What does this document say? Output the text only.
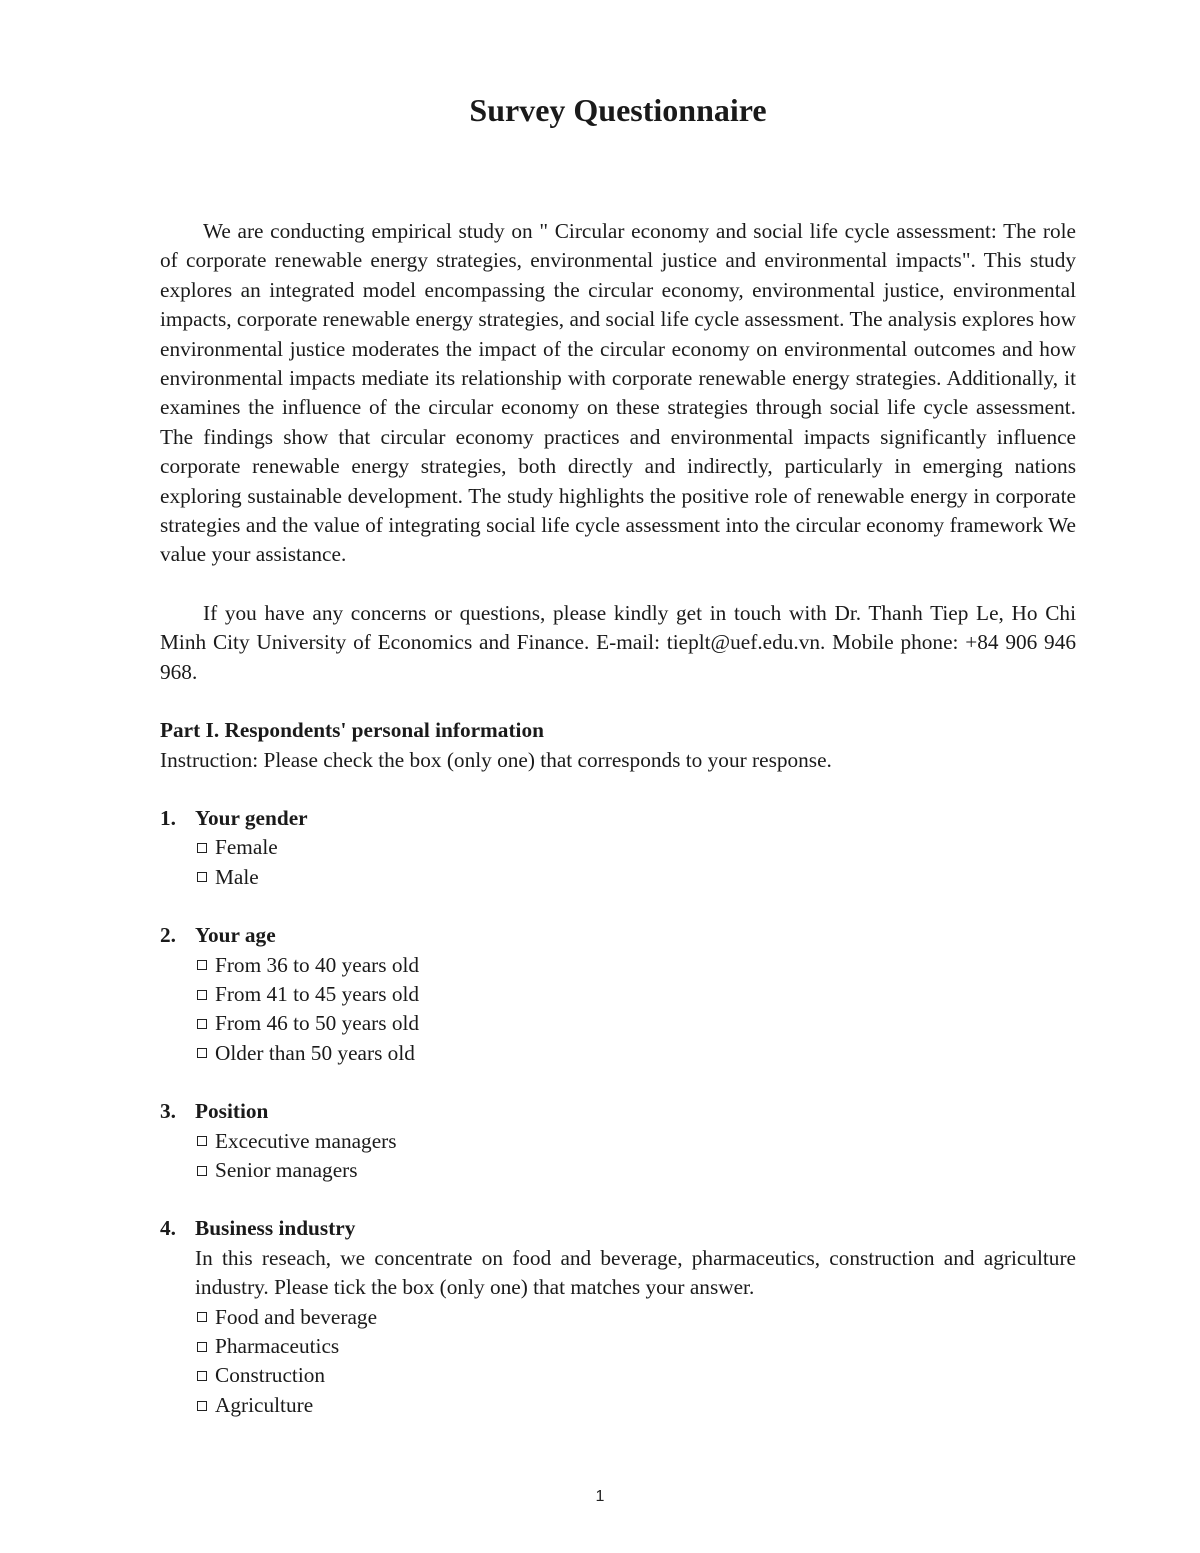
Survey Questionnaire

We are conducting empirical study on " Circular economy and social life cycle assessment: The role of corporate renewable energy strategies, environmental justice and environmental impacts". This study explores an integrated model encompassing the circular economy, environmental justice, environmental impacts, corporate renewable energy strategies, and social life cycle assessment. The analysis explores how environmental justice moderates the impact of the circular economy on environmental outcomes and how environmental impacts mediate its relationship with corporate renewable energy strategies. Additionally, it examines the influence of the circular economy on these strategies through social life cycle assessment. The findings show that circular economy practices and environmental impacts significantly influence corporate renewable energy strategies, both directly and indirectly, particularly in emerging nations exploring sustainable development. The study highlights the positive role of renewable energy in corporate strategies and the value of integrating social life cycle assessment into the circular economy framework We value your assistance.

If you have any concerns or questions, please kindly get in touch with Dr. Thanh Tiep Le, Ho Chi Minh City University of Economics and Finance. E-mail: tieplt@uef.edu.vn. Mobile phone: +84 906 946 968.

Part I. Respondents' personal information
Instruction: Please check the box (only one) that corresponds to your response.
1. Your gender
Female
Male
2. Your age
From 36 to 40 years old
From 41 to 45 years old
From 46 to 50 years old
Older than 50 years old
3. Position
Excecutive managers
Senior managers
4. Business industry

In this reseach, we concentrate on food and beverage, pharmaceutics, construction and agriculture industry. Please tick the box (only one) that matches your answer.

Food and beverage
Pharmaceutics
Construction
Agriculture
1
